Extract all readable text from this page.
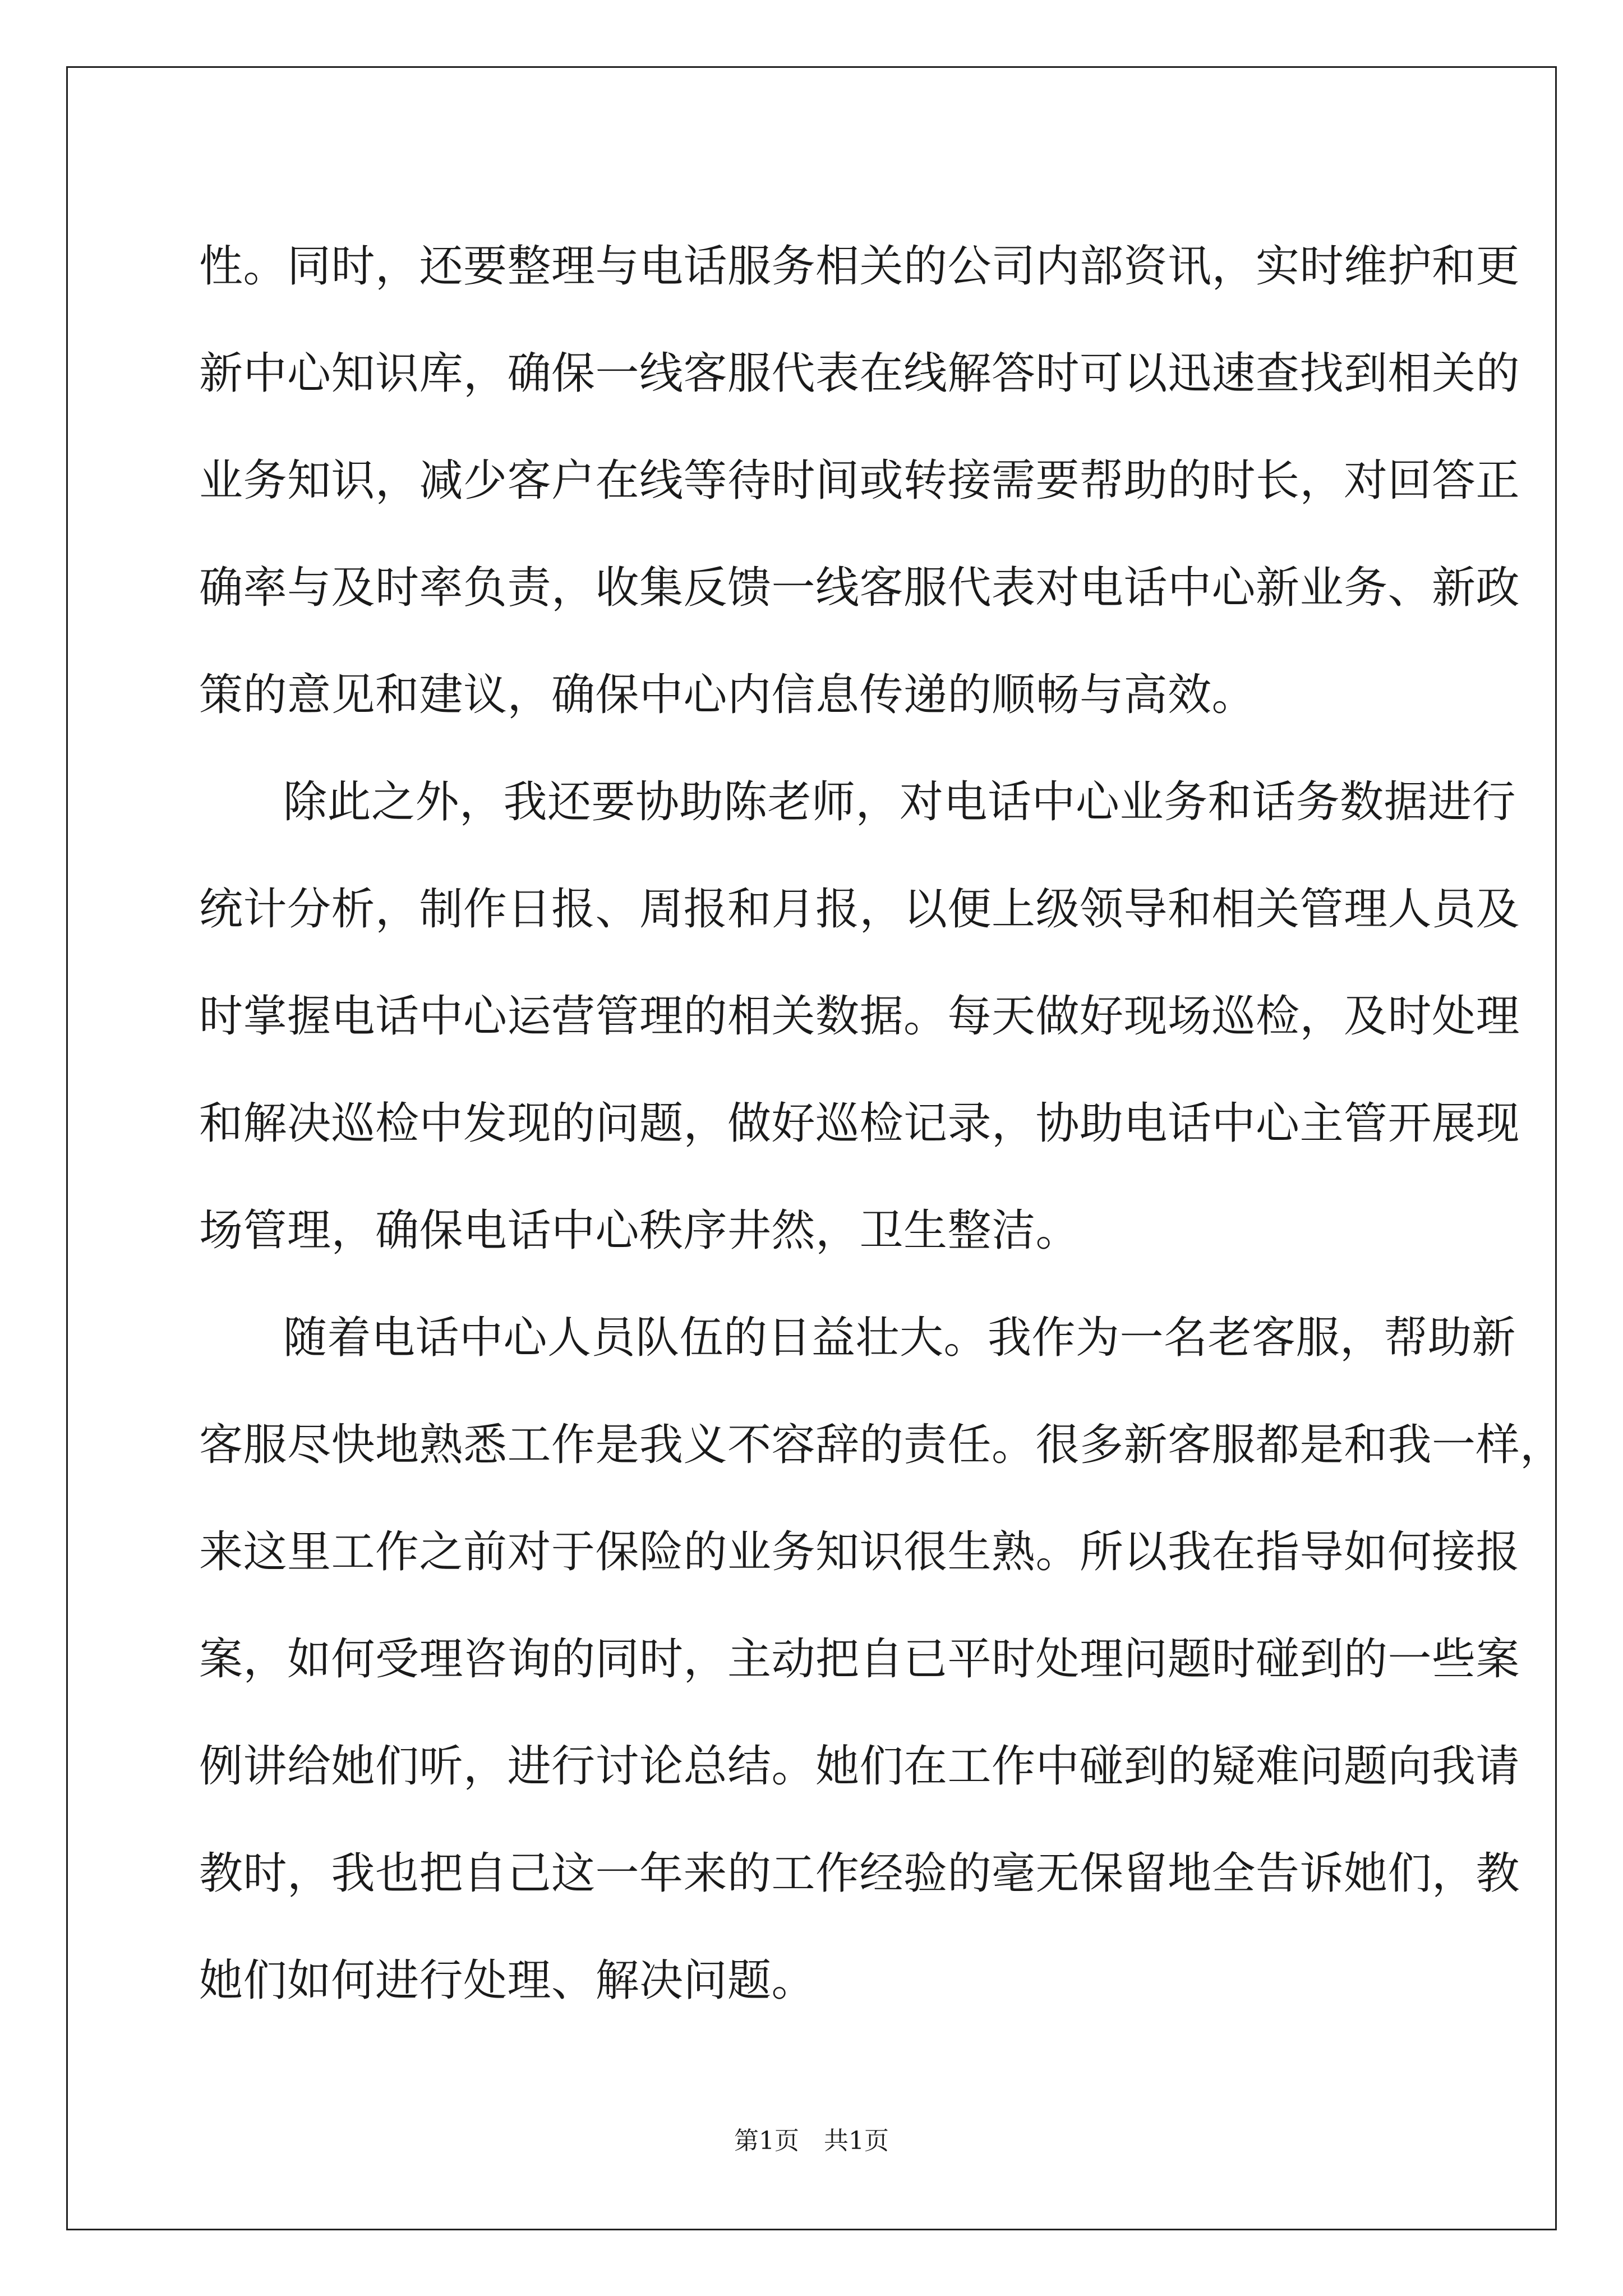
性。同时，还要整理与电话服务相关的公司内部资讯，实时维护和更
新中心知识库，确保一线客服代表在线解答时可以迅速查找到相关的
业务知识，减少客户在线等待时间或转接需要帮助的时长，对回答正
确率与及时率负责，收集反馈一线客服代表对电话中心新业务、新政
策的意见和建议，确保中心内信息传递的顺畅与高效。
除此之外，我还要协助陈老师，对电话中心业务和话务数据进行
统计分析，制作日报、周报和月报，以便上级领导和相关管理人员及
时掌握电话中心运营管理的相关数据。每天做好现场巡检，及时处理
和解决巡检中发现的问题，做好巡检记录，协助电话中心主管开展现
场管理，确保电话中心秩序井然，卫生整洁。
随着电话中心人员队伍的日益壮大。我作为一名老客服，帮助新
客服尽快地熟悉工作是我义不容辞的责任。很多新客服都是和我一样，
来这里工作之前对于保险的业务知识很生熟。所以我在指导如何接报
案，如何受理咨询的同时，主动把自已平时处理问题时碰到的一些案
例讲给她们听，进行讨论总结。她们在工作中碰到的疑难问题向我请
教时，我也把自己这一年来的工作经验的毫无保留地全告诉她们，教
她们如何进行处理、解决问题。
第1页　共1页
